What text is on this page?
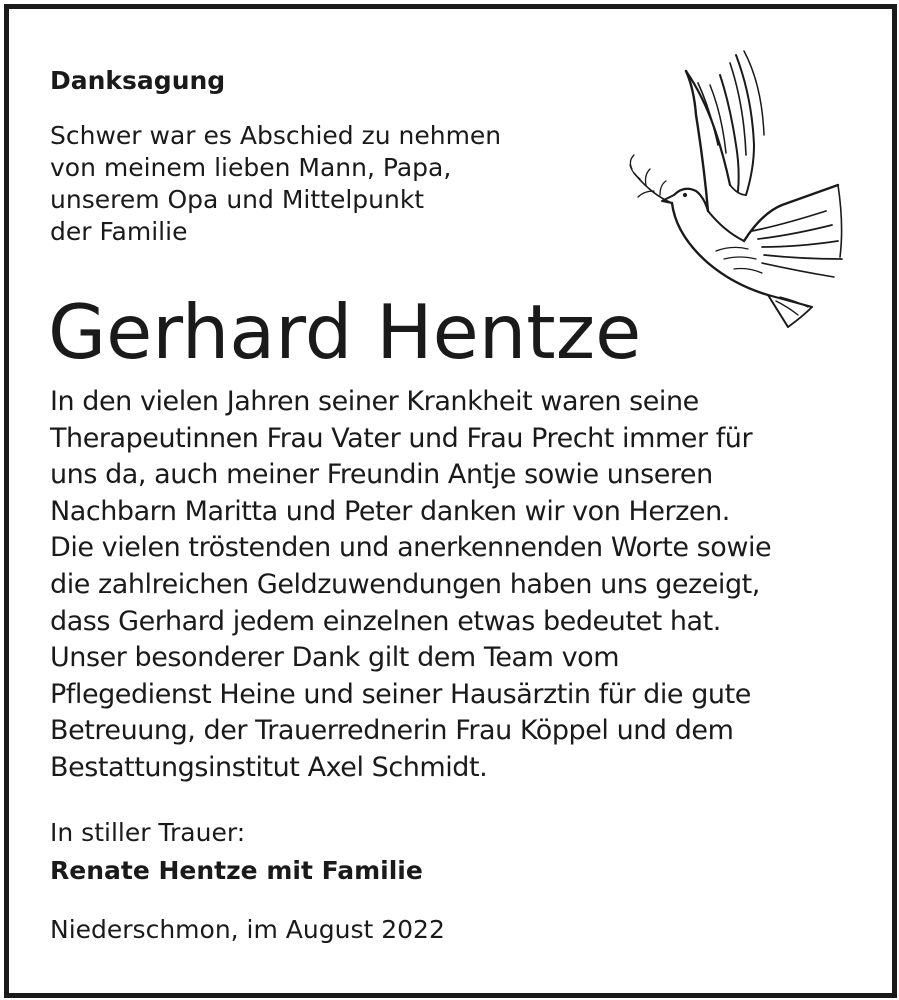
Danksagung
Schwer war es Abschied zu nehmen
von meinem lieben Mann, Papa,
unserem Opa und Mittelpunkt
der Familie
Gerhard Hentze
In den vielen Jahren seiner Krankheit waren seine
Therapeutinnen Frau Vater und Frau Precht immer für
uns da, auch meiner Freundin Antje sowie unseren
Nachbarn Maritta und Peter danken wir von Herzen.
Die vielen tröstenden und anerkennenden Worte sowie
die zahlreichen Geldzuwendungen haben uns gezeigt,
dass Gerhard jedem einzelnen etwas bedeutet hat.
Unser besonderer Dank gilt dem Team vom
Pflegedienst Heine und seiner Hausärztin für die gute
Betreuung, der Trauerrednerin Frau Köppel und dem
Bestattungsinstitut Axel Schmidt.
In stiller Trauer:
Renate Hentze mit Familie
Niederschmon, im August 2022
